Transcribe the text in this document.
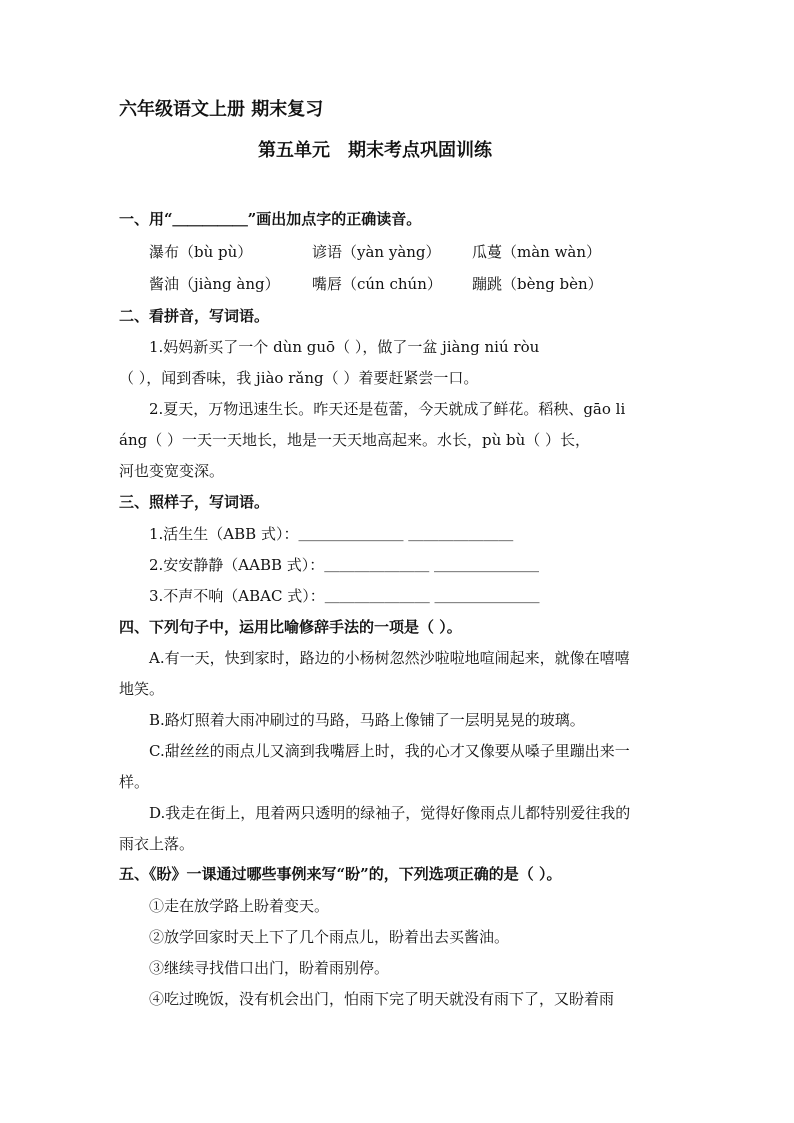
六年级语文上册 期末复习
第五单元　期末考点巩固训练
一、用“＿＿＿＿＿”画出加点字的正确读音。
瀑布（bù pù）	谚语（yàn yàng） 瓜蔓（màn wàn）
酱油（jiàng àng） 嘴唇（cún chún） 蹦跳（bèng bèn）
二、看拼音，写词语。
1.妈妈新买了一个 dùn guō（ ），做了一盆 jiàng niú ròu
（ ），闻到香味，我 jiào rǎng（ ）着要赶紧尝一口。
2.夏天，万物迅速生长。昨天还是苞蕾，今天就成了鲜花。稻秧、gāo li
áng（ ）一天一天地长，地是一天天地高起来。水长，pù bù（ ）长，
河也变宽变深。
三、照样子，写词语。
1.活生生（ABB 式）：＿＿＿＿＿＿＿ ＿＿＿＿＿＿＿
2.安安静静（AABB 式）：＿＿＿＿＿＿＿ ＿＿＿＿＿＿＿
3.不声不响（ABAC 式）：＿＿＿＿＿＿＿ ＿＿＿＿＿＿＿
四、下列句子中，运用比喻修辞手法的一项是（ ）。
A.有一天，快到家时，路边的小杨树忽然沙啦啦地喧闹起来，就像在嘻嘻
地笑。
B.路灯照着大雨冲刷过的马路，马路上像铺了一层明晃晃的玻璃。
C.甜丝丝的雨点儿又滴到我嘴唇上时，我的心才又像要从嗓子里蹦出来一
样。
D.我走在街上，甩着两只透明的绿袖子，觉得好像雨点儿都特别爱往我的
雨衣上落。
五、《盼》一课通过哪些事例来写“盼”的，下列选项正确的是（ ）。
①走在放学路上盼着变天。
②放学回家时天上下了几个雨点儿，盼着出去买酱油。
③继续寻找借口出门，盼着雨别停。
④吃过晚饭，没有机会出门，怕雨下完了明天就没有雨下了，又盼着雨
